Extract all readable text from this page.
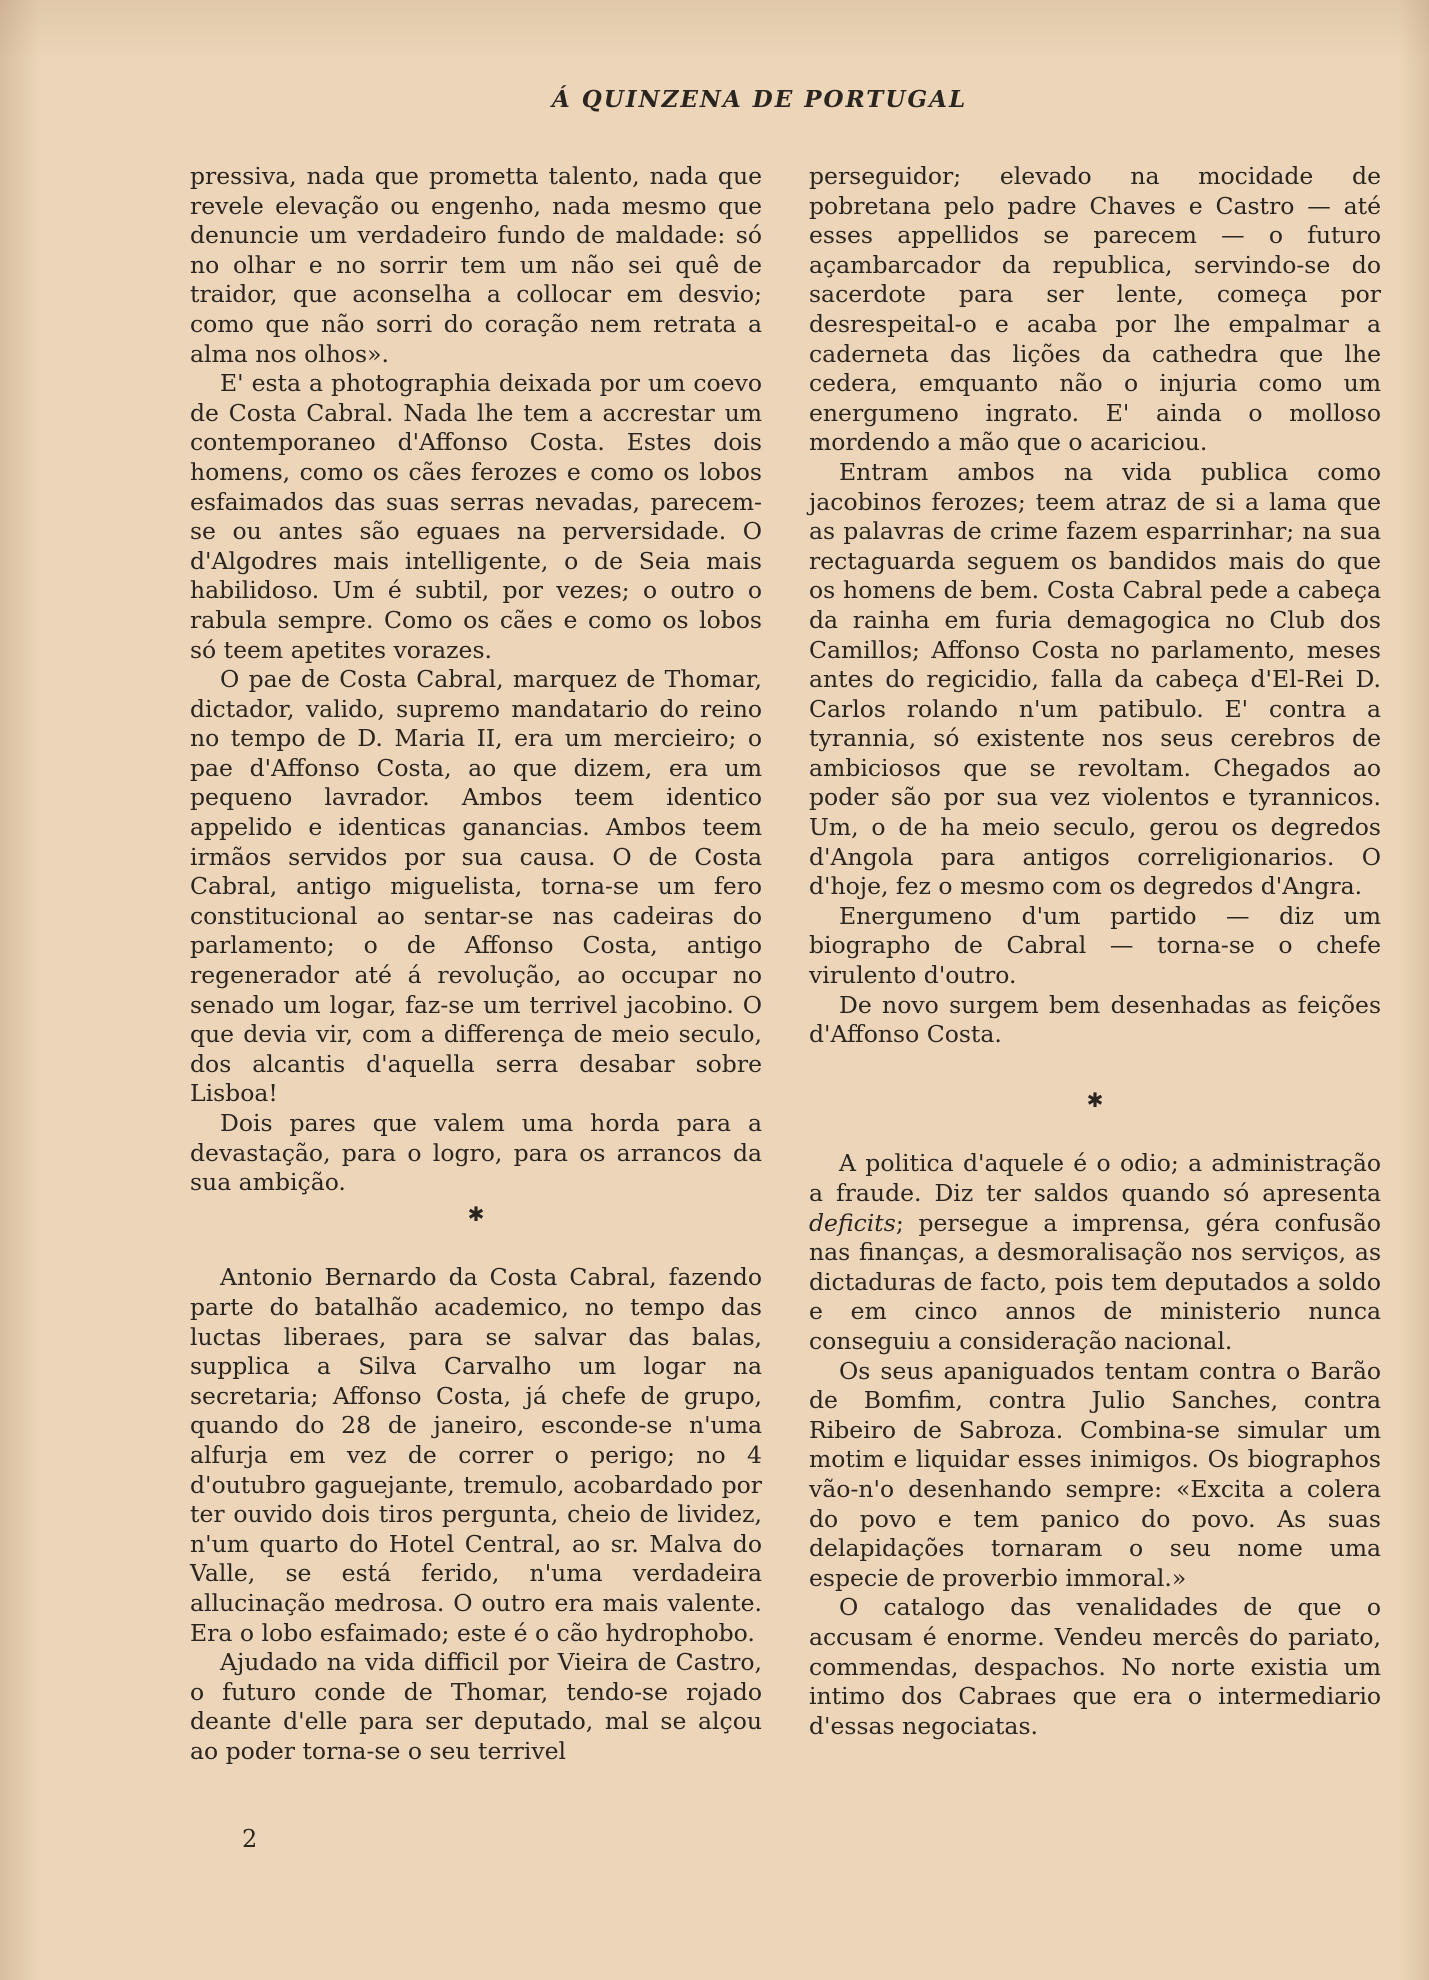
Á QUINZENA DE PORTUGAL

pressiva, nada que prometta talento, nada que revele elevação ou engenho, nada mesmo que denuncie um verdadeiro fundo de maldade: só no olhar e no sorrir tem um não sei quê de traidor, que aconselha a collocar em desvio; como que não sorri do coração nem retrata a alma nos olhos».

E' esta a photographia deixada por um coevo de Costa Cabral. Nada lhe tem a accrestar um contemporaneo d'Affonso Costa. Estes dois homens, como os cães ferozes e como os lobos esfaimados das suas serras nevadas, parecem-se ou antes são eguaes na perversidade. O d'Algodres mais intelligente, o de Seia mais habilidoso. Um é subtil, por vezes; o outro o rabula sempre. Como os cães e como os lobos só teem apetites vorazes.

O pae de Costa Cabral, marquez de Thomar, dictador, valido, supremo mandatario do reino no tempo de D. Maria II, era um mercieiro; o pae d'Affonso Costa, ao que dizem, era um pequeno lavrador. Ambos teem identico appelido e identicas ganancias. Ambos teem irmãos servidos por sua causa. O de Costa Cabral, antigo miguelista, torna-se um fero constitucional ao sentar-se nas cadeiras do parlamento; o de Affonso Costa, antigo regenerador até á revolução, ao occupar no senado um logar, faz-se um terrivel jacobino. O que devia vir, com a differença de meio seculo, dos alcantis d'aquella serra desabar sobre Lisboa!

Dois pares que valem uma horda para a devastação, para o logro, para os arrancos da sua ambição.

✱

Antonio Bernardo da Costa Cabral, fazendo parte do batalhão academico, no tempo das luctas liberaes, para se salvar das balas, supplica a Silva Carvalho um logar na secretaria; Affonso Costa, já chefe de grupo, quando do 28 de janeiro, esconde-se n'uma alfurja em vez de correr o perigo; no 4 d'outubro gaguejante, tremulo, acobardado por ter ouvido dois tiros pergunta, cheio de lividez, n'um quarto do Hotel Central, ao sr. Malva do Valle, se está ferido, n'uma verdadeira allucinação medrosa. O outro era mais valente. Era o lobo esfaimado; este é o cão hydrophobo.

Ajudado na vida difficil por Vieira de Castro, o futuro conde de Thomar, tendo-se rojado deante d'elle para ser deputado, mal se alçou ao poder torna-se o seu terrivel

perseguidor; elevado na mocidade de pobretana pelo padre Chaves e Castro — até esses appellidos se parecem — o futuro açambarcador da republica, servindo-se do sacerdote para ser lente, começa por desrespeital-o e acaba por lhe empalmar a caderneta das lições da cathedra que lhe cedera, emquanto não o injuria como um energumeno ingrato. E' ainda o molloso mordendo a mão que o acariciou.

Entram ambos na vida publica como jacobinos ferozes; teem atraz de si a lama que as palavras de crime fazem esparrinhar; na sua rectaguarda seguem os bandidos mais do que os homens de bem. Costa Cabral pede a cabeça da rainha em furia demagogica no Club dos Camillos; Affonso Costa no parlamento, meses antes do regicidio, falla da cabeça d'El-Rei D. Carlos rolando n'um patibulo. E' contra a tyrannia, só existente nos seus cerebros de ambiciosos que se revoltam. Chegados ao poder são por sua vez violentos e tyrannicos. Um, o de ha meio seculo, gerou os degredos d'Angola para antigos correligionarios. O d'hoje, fez o mesmo com os degredos d'Angra.

Energumeno d'um partido — diz um biographo de Cabral — torna-se o chefe virulento d'outro.

De novo surgem bem desenhadas as feições d'Affonso Costa.

✱

A politica d'aquele é o odio; a administração a fraude. Diz ter saldos quando só apresenta deficits; persegue a imprensa, géra confusão nas finanças, a desmoralisação nos serviços, as dictaduras de facto, pois tem deputados a soldo e em cinco annos de ministerio nunca conseguiu a consideração nacional.

Os seus apaniguados tentam contra o Barão de Bomfim, contra Julio Sanches, contra Ribeiro de Sabroza. Combina-se simular um motim e liquidar esses inimigos. Os biographos vão-n'o desenhando sempre: «Excita a colera do povo e tem panico do povo. As suas delapidações tornaram o seu nome uma especie de proverbio immoral.»

O catalogo das venalidades de que o accusam é enorme. Vendeu mercês do pariato, commendas, despachos. No norte existia um intimo dos Cabraes que era o intermediario d'essas negociatas.

2
